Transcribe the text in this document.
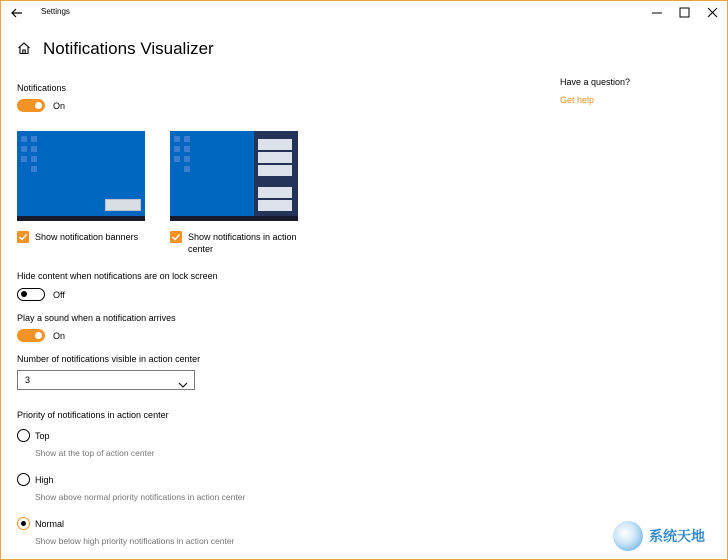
Settings
Notifications Visualizer
Notifications
On
Show notification banners	Show notifications in action
center
Hide content when notifications are on lock screen
Off
Play a sound when a notification arrives
On
Number of notifications visible in action center
3
Priority of notifications in action center
Top
Show at the top of action center
High
Show above normal priority notifications in action center
Normal
Show below high priority notifications in action center
Have a question?
Get help
系统天地
